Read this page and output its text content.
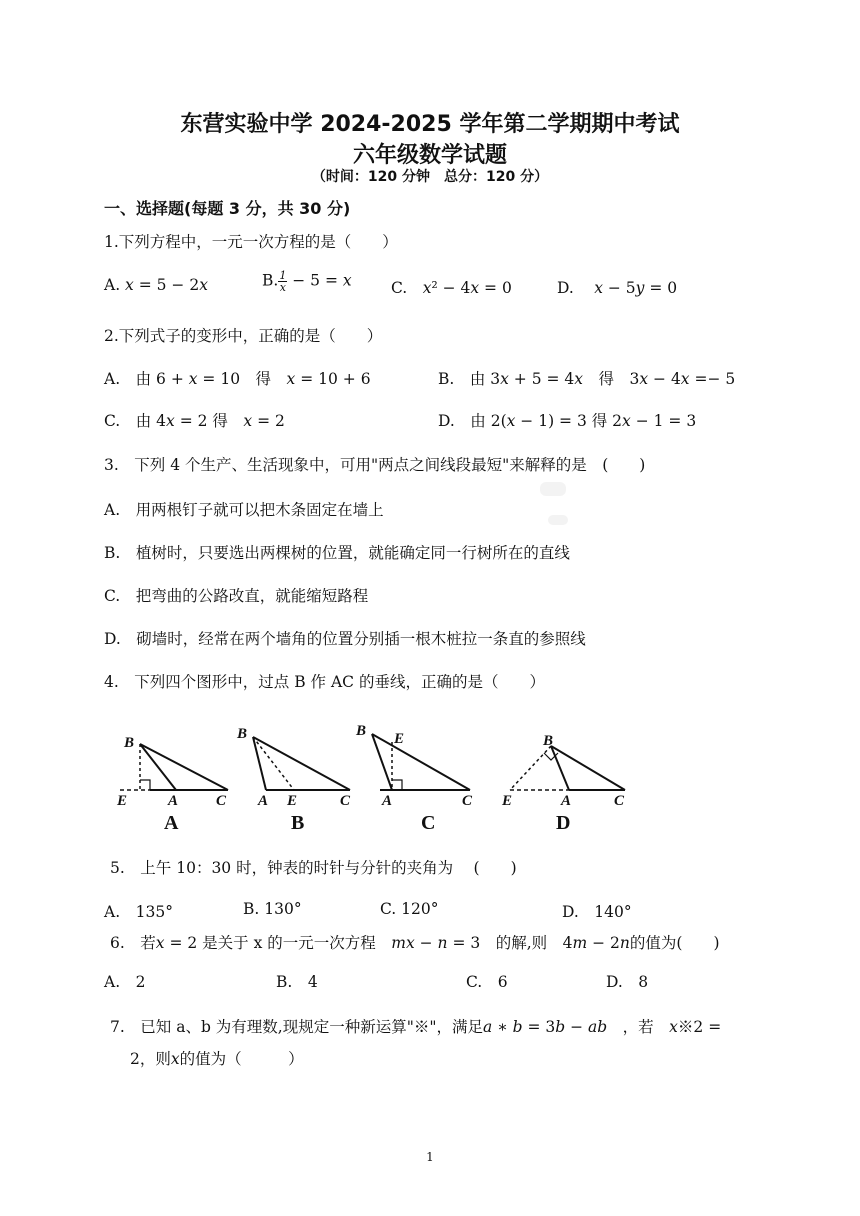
东营实验中学 2024-2025 学年第二学期期中考试
六年级数学试题
（时间：120 分钟　总分：120 分）
一、选择题(每题 3 分，共 30 分)
1.下列方程中，一元一次方程的是（　　）
A. 𝑥 = 5 − 2𝑥	B. $\frac{1}{x} - 5$ = 𝑥	C.　𝑥² − 4𝑥 = 0	D.　 𝑥 − 5𝑦 = 0
2.下列式子的变形中，正确的是（　　）
A.　由 6 + 𝑥 = 10　得　𝑥 = 10 + 6	B.　由 3𝑥 + 5 = 4𝑥　得　3𝑥 − 4𝑥 =− 5
C.　由 4𝑥 = 2 得　𝑥 = 2	D.　由 2(𝑥 − 1) = 3 得 2𝑥 − 1 = 3
3.　下列 4 个生产、生活现象中，可用"两点之间线段最短"来解释的是　(　　)
A.　用两根钉子就可以把木条固定在墙上
B.　植树时，只要选出两棵树的位置，就能确定同一行树所在的直线
C.　把弯曲的公路改直，就能缩短路程
D.　砌墙时，经常在两个墙角的位置分别插一根木桩拉一条直的参照线
4.　下列四个图形中，过点 B 作 AC 的垂线，正确的是（　　）
B
E	A	C
B
A E	C
B E
A	C
B
E	A	C
A	B	C	D
5.　上午 10：30 时，钟表的时针与分针的夹角为　 (　　)
A.　135°	B. 130°	C. 120°	D.　140°
6.　若𝑥 = 2 是关于 x 的一元一次方程　𝑚𝑥 − 𝑛 = 3　的解,则　4𝑚 − 2𝑛的值为(　　)
A.　2	B.　4	C.　6	D.　8
7.　已知 a、b 为有理数,现规定一种新运算"※"，满足𝑎 ∗ 𝑏 = 3𝑏 − 𝑎𝑏　，若　𝑥※2 =
2，则𝑥的值为（　　　）
1
